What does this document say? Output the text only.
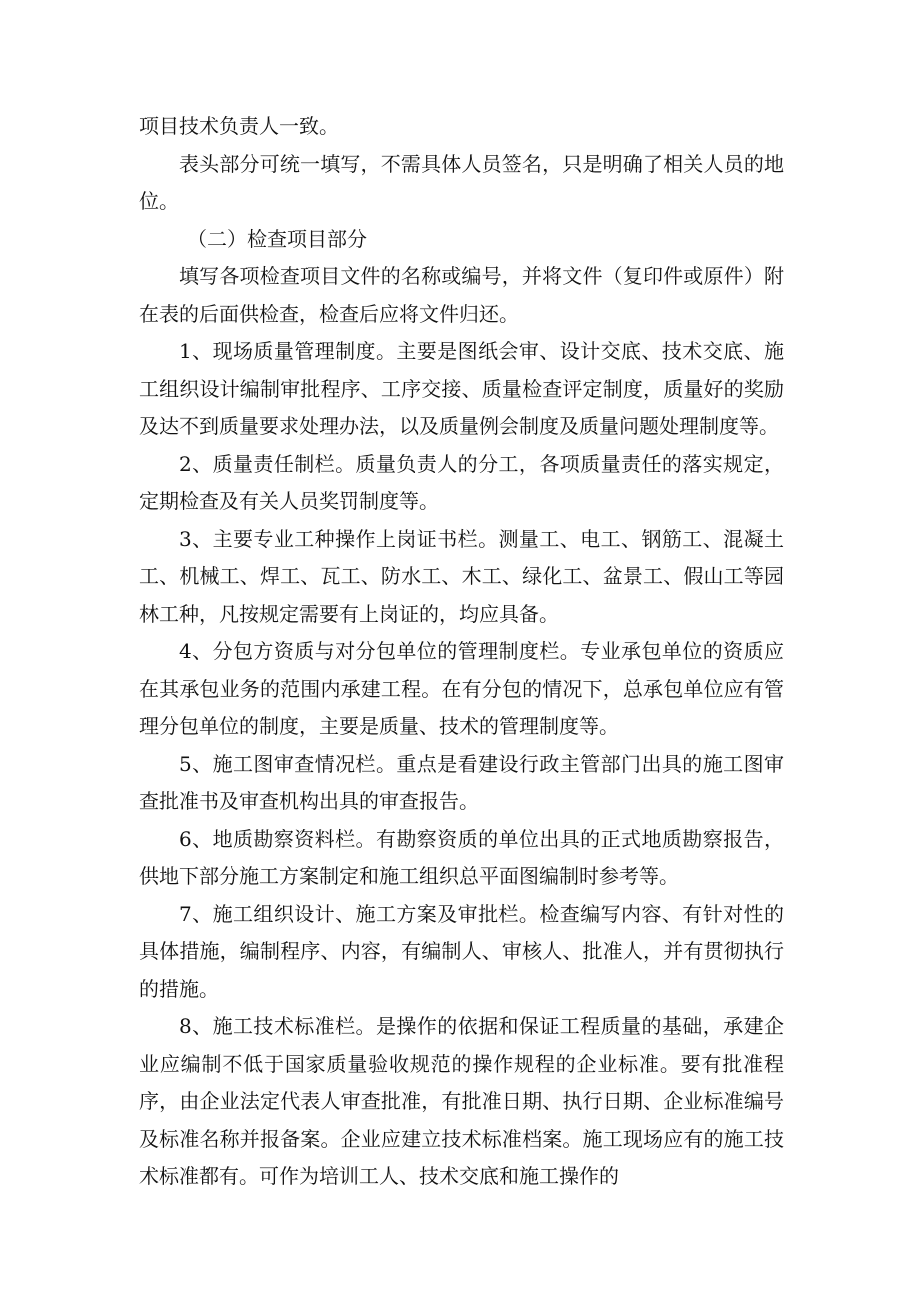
项目技术负责人一致。

表头部分可统一填写，不需具体人员签名，只是明确了相关人员的地位。

（二）检查项目部分

填写各项检查项目文件的名称或编号，并将文件（复印件或原件）附在表的后面供检查，检查后应将文件归还。

1、现场质量管理制度。主要是图纸会审、设计交底、技术交底、施工组织设计编制审批程序、工序交接、质量检查评定制度，质量好的奖励及达不到质量要求处理办法，以及质量例会制度及质量问题处理制度等。

2、质量责任制栏。质量负责人的分工，各项质量责任的落实规定，定期检查及有关人员奖罚制度等。

3、主要专业工种操作上岗证书栏。测量工、电工、钢筋工、混凝土工、机械工、焊工、瓦工、防水工、木工、绿化工、盆景工、假山工等园林工种，凡按规定需要有上岗证的，均应具备。

4、分包方资质与对分包单位的管理制度栏。专业承包单位的资质应在其承包业务的范围内承建工程。在有分包的情况下，总承包单位应有管理分包单位的制度，主要是质量、技术的管理制度等。

5、施工图审查情况栏。重点是看建设行政主管部门出具的施工图审查批准书及审查机构出具的审查报告。

6、地质勘察资料栏。有勘察资质的单位出具的正式地质勘察报告，供地下部分施工方案制定和施工组织总平面图编制时参考等。

7、施工组织设计、施工方案及审批栏。检查编写内容、有针对性的具体措施，编制程序、内容，有编制人、审核人、批准人，并有贯彻执行的措施。

8、施工技术标准栏。是操作的依据和保证工程质量的基础，承建企业应编制不低于国家质量验收规范的操作规程的企业标准。要有批准程序，由企业法定代表人审查批准，有批准日期、执行日期、企业标准编号及标准名称并报备案。企业应建立技术标准档案。施工现场应有的施工技术标准都有。可作为培训工人、技术交底和施工操作的
